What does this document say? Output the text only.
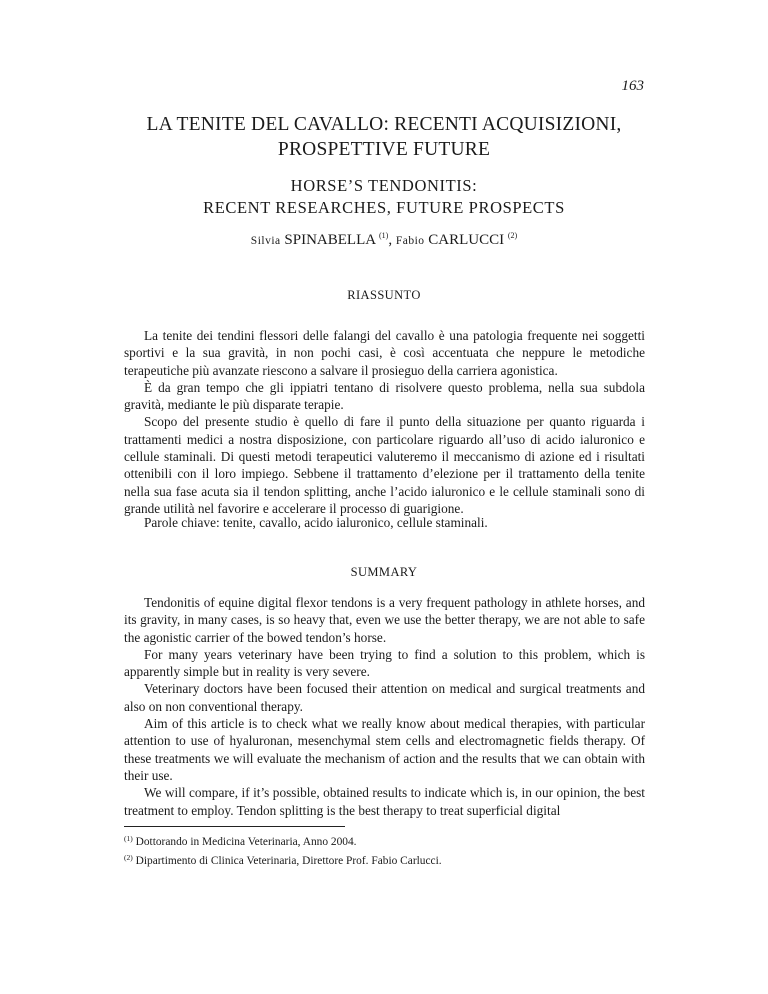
163
LA TENITE DEL CAVALLO: RECENTI ACQUISIZIONI,
PROSPETTIVE FUTURE
HORSE’S TENDONITIS:
RECENT RESEARCHES, FUTURE PROSPECTS
Silvia SPINABELLA $^{(1)}$, Fabio CARLUCCI $^{(2)}$
RIASSUNTO

La tenite dei tendini flessori delle falangi del cavallo è una patologia frequente nei soggetti sportivi e la sua gravità, in non pochi casi, è così accentuata che neppure le metodiche terapeutiche più avanzate riescono a salvare il prosieguo della carriera agonistica.

È da gran tempo che gli ippiatri tentano di risolvere questo problema, nella sua subdola gravità, mediante le più disparate terapie.

Scopo del presente studio è quello di fare il punto della situazione per quanto riguarda i trattamenti medici a nostra disposizione, con particolare riguardo all’uso di acido ialuronico e cellule staminali. Di questi metodi terapeutici valuteremo il meccanismo di azione ed i risultati ottenibili con il loro impiego. Sebbene il trattamento d’elezione per il trattamento della tenite nella sua fase acuta sia il tendon splitting, anche l’acido ialuronico e le cellule staminali sono di grande utilità nel favorire e accelerare il processo di guarigione.

Parole chiave: tenite, cavallo, acido ialuronico, cellule staminali.
SUMMARY

Tendonitis of equine digital flexor tendons is a very frequent pathology in athlete horses, and its gravity, in many cases, is so heavy that, even we use the better therapy, we are not able to safe the agonistic carrier of the bowed tendon’s horse.

For many years veterinary have been trying to find a solution to this problem, which is apparently simple but in reality is very severe.

Veterinary doctors have been focused their attention on medical and surgical treatments and also on non conventional therapy.

Aim of this article is to check what we really know about medical therapies, with particular attention to use of hyaluronan, mesenchymal stem cells and electromagnetic fields therapy. Of these treatments we will evaluate the mechanism of action and the results that we can obtain with their use.

We will compare, if it’s possible, obtained results to indicate which is, in our opinion, the best treatment to employ. Tendon splitting is the best therapy to treat superficial digital

$^{(1)}$ Dottorando in Medicina Veterinaria, Anno 2004.
$^{(2)}$ Dipartimento di Clinica Veterinaria, Direttore Prof. Fabio Carlucci.
